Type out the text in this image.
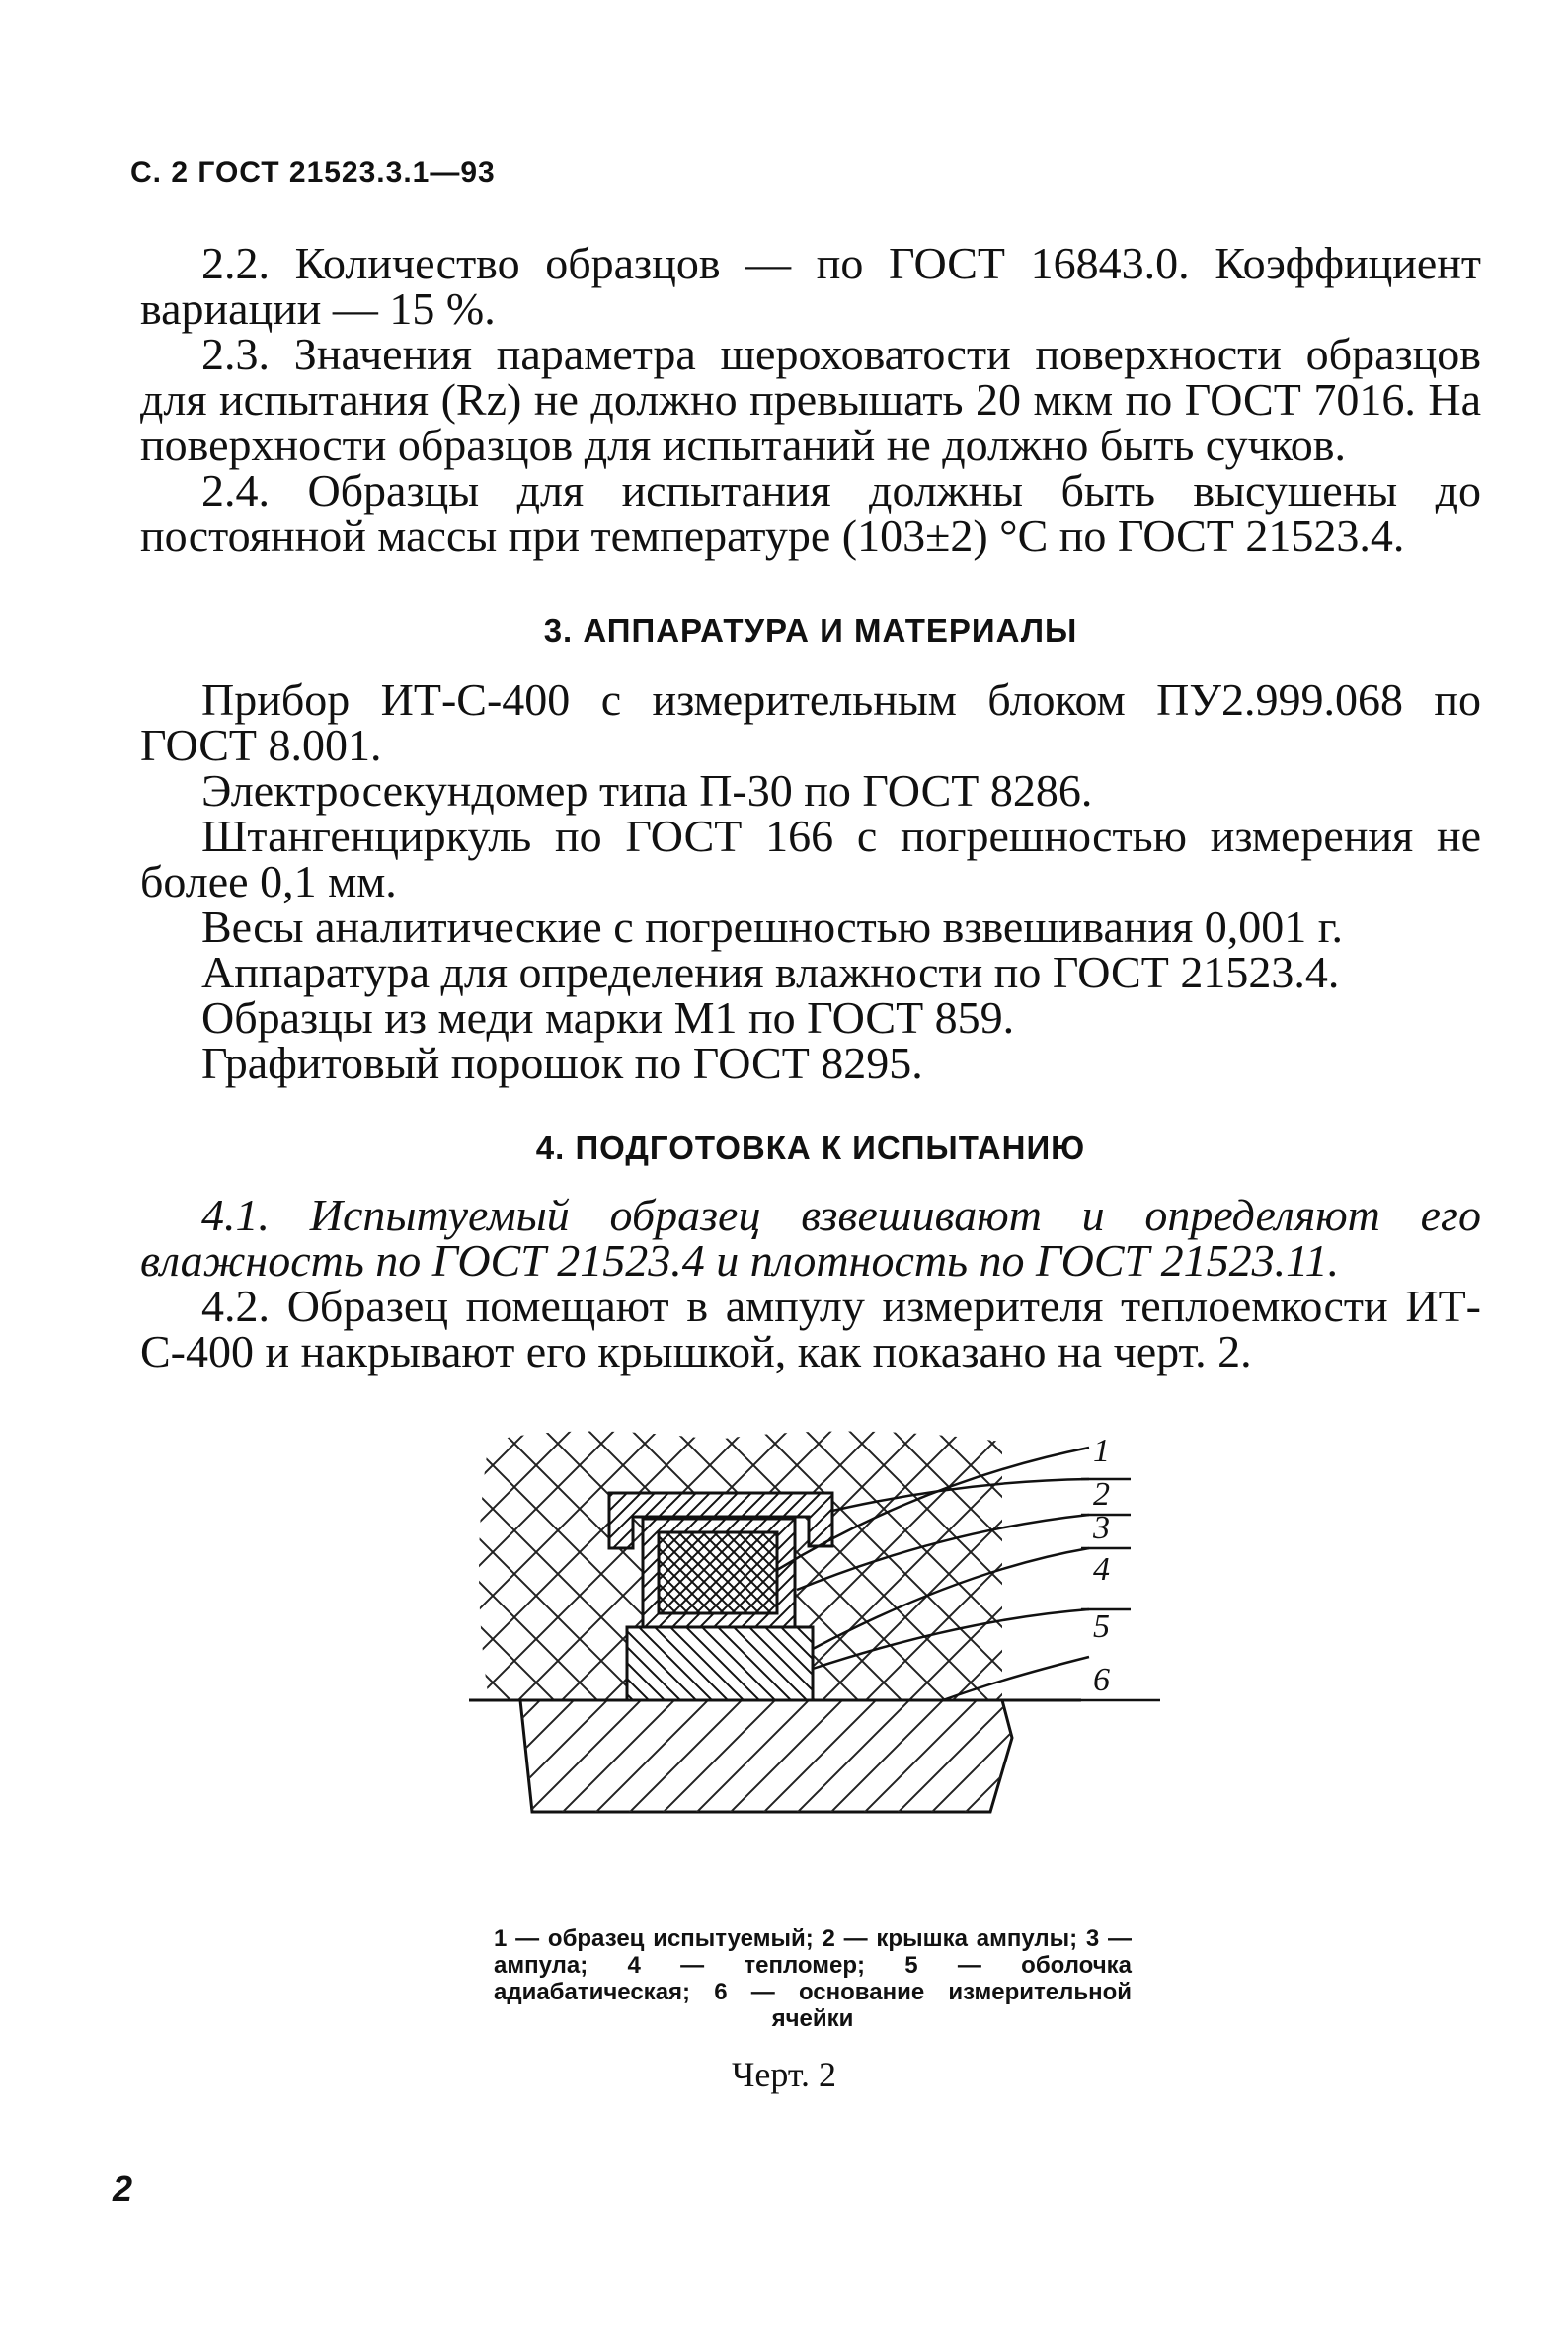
С. 2 ГОСТ 21523.3.1—93

2.2. Количество образцов — по ГОСТ 16843.0. Коэффициент вариации — 15 %.

2.3. Значения параметра шероховатости поверхности образцов для испытания (Rz) не должно превышать 20 мкм по ГОСТ 7016. На поверхности образцов для испытаний не должно быть сучков.

2.4. Образцы для испытания должны быть высушены до постоянной массы при температуре (103±2) °С по ГОСТ 21523.4.

3. АППАРАТУРА И МАТЕРИАЛЫ

Прибор ИТ-С-400 с измерительным блоком ПУ2.999.068 по ГОСТ 8.001.

Электросекундомер типа П-30 по ГОСТ 8286.

Штангенциркуль по ГОСТ 166 с погрешностью измерения не более 0,1 мм.

Весы аналитические с погрешностью взвешивания 0,001 г.

Аппаратура для определения влажности по ГОСТ 21523.4.

Образцы из меди марки M1 по ГОСТ 859.

Графитовый порошок по ГОСТ 8295.

4. ПОДГОТОВКА К ИСПЫТАНИЮ

4.1. Испытуемый образец взвешивают и определяют его влажность по ГОСТ 21523.4 и плотность по ГОСТ 21523.11.

4.2. Образец помещают в ампулу измерителя теплоемкости ИТ-С-400 и накрывают его крышкой, как показано на черт. 2.

1
2
3
4
5
6
1 — образец испытуемый; 2 — крышка ампулы; 3 — ампула; 4 — тепломер; 5 — оболочка адиабатическая; 6 — основание измерительной ячейки
Черт. 2
2
